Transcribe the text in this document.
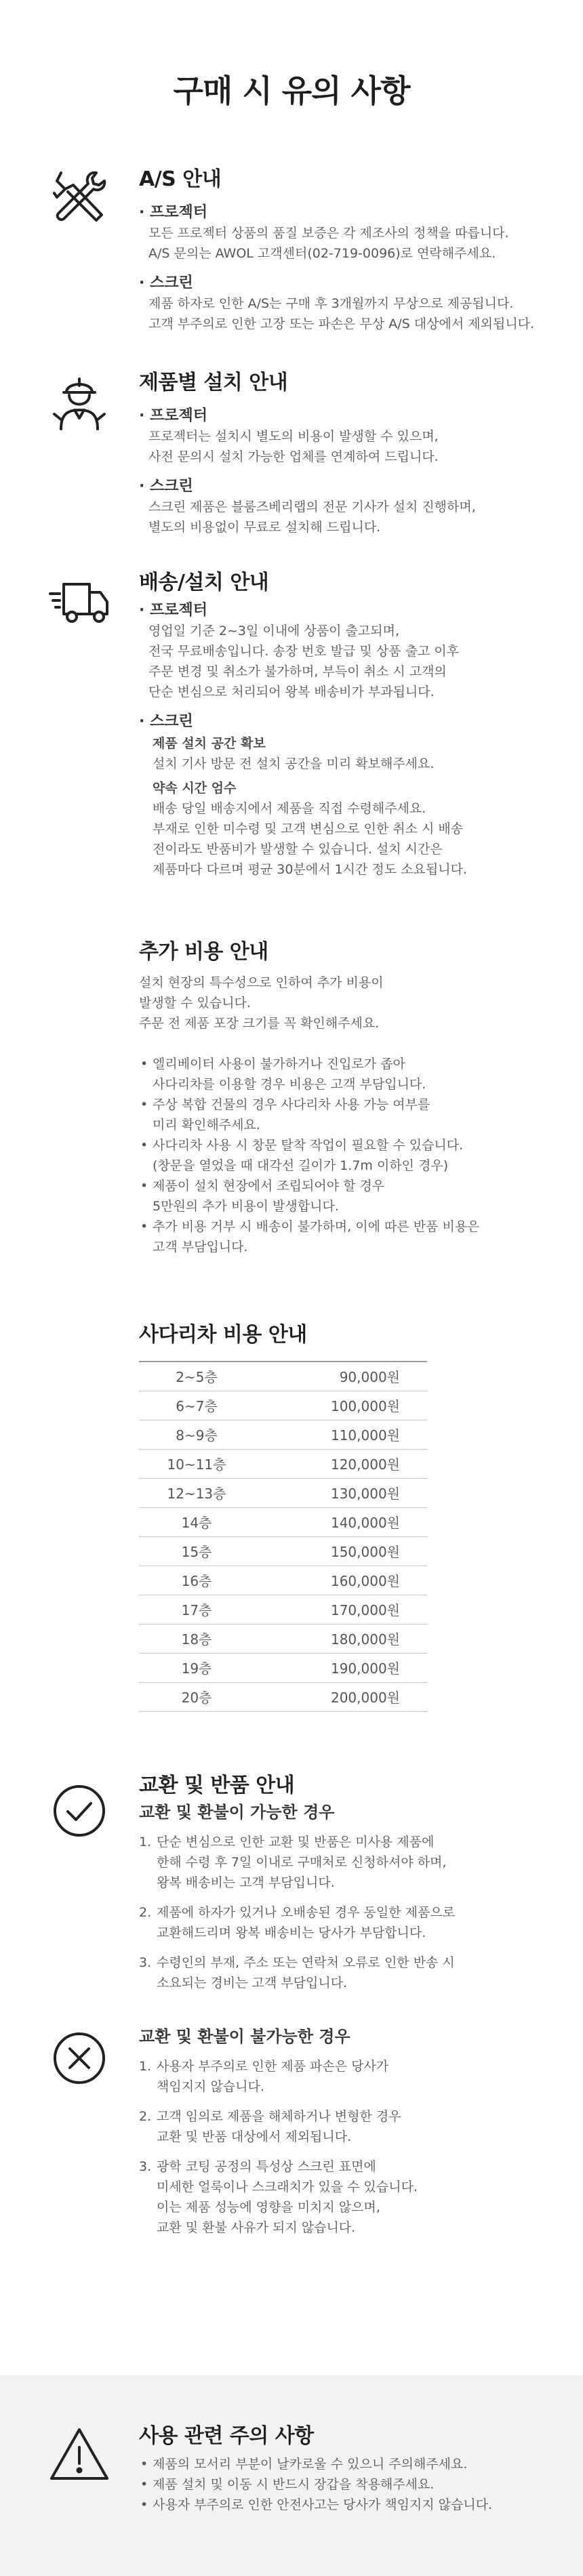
구매 시 유의 사항
A/S 안내
· 프로젝터
모든 프로젝터 상품의 품질 보증은 각 제조사의 정책을 따릅니다.
A/S 문의는 AWOL 고객센터(02-719-0096)로 연락해주세요.
· 스크린
제품 하자로 인한 A/S는 구매 후 3개월까지 무상으로 제공됩니다.
고객 부주의로 인한 고장 또는 파손은 무상 A/S 대상에서 제외됩니다.
제품별 설치 안내
· 프로젝터
프로젝터는 설치시 별도의 비용이 발생할 수 있으며,
사전 문의시 설치 가능한 업체를 연계하여 드립니다.
· 스크린
스크린 제품은 블룸즈베리랩의 전문 기사가 설치 진행하며,
별도의 비용없이 무료로 설치해 드립니다.
배송/설치 안내
· 프로젝터
영업일 기준 2~3일 이내에 상품이 출고되며,
전국 무료배송입니다. 송장 번호 발급 및 상품 출고 이후
주문 변경 및 취소가 불가하며, 부득이 취소 시 고객의
단순 변심으로 처리되어 왕복 배송비가 부과됩니다.
· 스크린
제품 설치 공간 확보
설치 기사 방문 전 설치 공간을 미리 확보해주세요.
약속 시간 엄수
배송 당일 배송지에서 제품을 직접 수령해주세요.
부재로 인한 미수령 및 고객 변심으로 인한 취소 시 배송
전이라도 반품비가 발생할 수 있습니다. 설치 시간은
제품마다 다르며 평균 30분에서 1시간 정도 소요됩니다.
추가 비용 안내
설치 현장의 특수성으로 인하여 추가 비용이
발생할 수 있습니다.
주문 전 제품 포장 크기를 꼭 확인해주세요.
• 엘리베이터 사용이 불가하거나 진입로가 좁아
사다리차를 이용할 경우 비용은 고객 부담입니다.
• 주상 복합 건물의 경우 사다리차 사용 가능 여부를
미리 확인해주세요.
• 사다리차 사용 시 창문 탈착 작업이 필요할 수 있습니다.
(창문을 열었을 때 대각선 길이가 1.7m 이하인 경우)
• 제품이 설치 현장에서 조립되어야 할 경우
5만원의 추가 비용이 발생합니다.
• 추가 비용 거부 시 배송이 불가하며, 이에 따른 반품 비용은
고객 부담입니다.
사다리차 비용 안내
2~5층	90,000원
6~7층	100,000원
8~9층	110,000원
10~11층	120,000원
12~13층	130,000원
14층	140,000원
15층	150,000원
16층	160,000원
17층	170,000원
18층	180,000원
19층	190,000원
20층	200,000원
교환 및 반품 안내
교환 및 환불이 가능한 경우
1. 단순 변심으로 인한 교환 및 반품은 미사용 제품에
한해 수령 후 7일 이내로 구매처로 신청하셔야 하며,
왕복 배송비는 고객 부담입니다.
2. 제품에 하자가 있거나 오배송된 경우 동일한 제품으로
교환해드리며 왕복 배송비는 당사가 부담합니다.
3. 수령인의 부재, 주소 또는 연락처 오류로 인한 반송 시
소요되는 경비는 고객 부담입니다.
교환 및 환불이 불가능한 경우
1. 사용자 부주의로 인한 제품 파손은 당사가
책임지지 않습니다.
2. 고객 임의로 제품을 해체하거나 변형한 경우
교환 및 반품 대상에서 제외됩니다.
3. 광학 코팅 공정의 특성상 스크린 표면에
미세한 얼룩이나 스크래치가 있을 수 있습니다.
이는 제품 성능에 영향을 미치지 않으며,
교환 및 환불 사유가 되지 않습니다.
사용 관련 주의 사항
• 제품의 모서리 부분이 날카로울 수 있으니 주의해주세요.
• 제품 설치 및 이동 시 반드시 장갑을 착용해주세요.
• 사용자 부주의로 인한 안전사고는 당사가 책임지지 않습니다.
